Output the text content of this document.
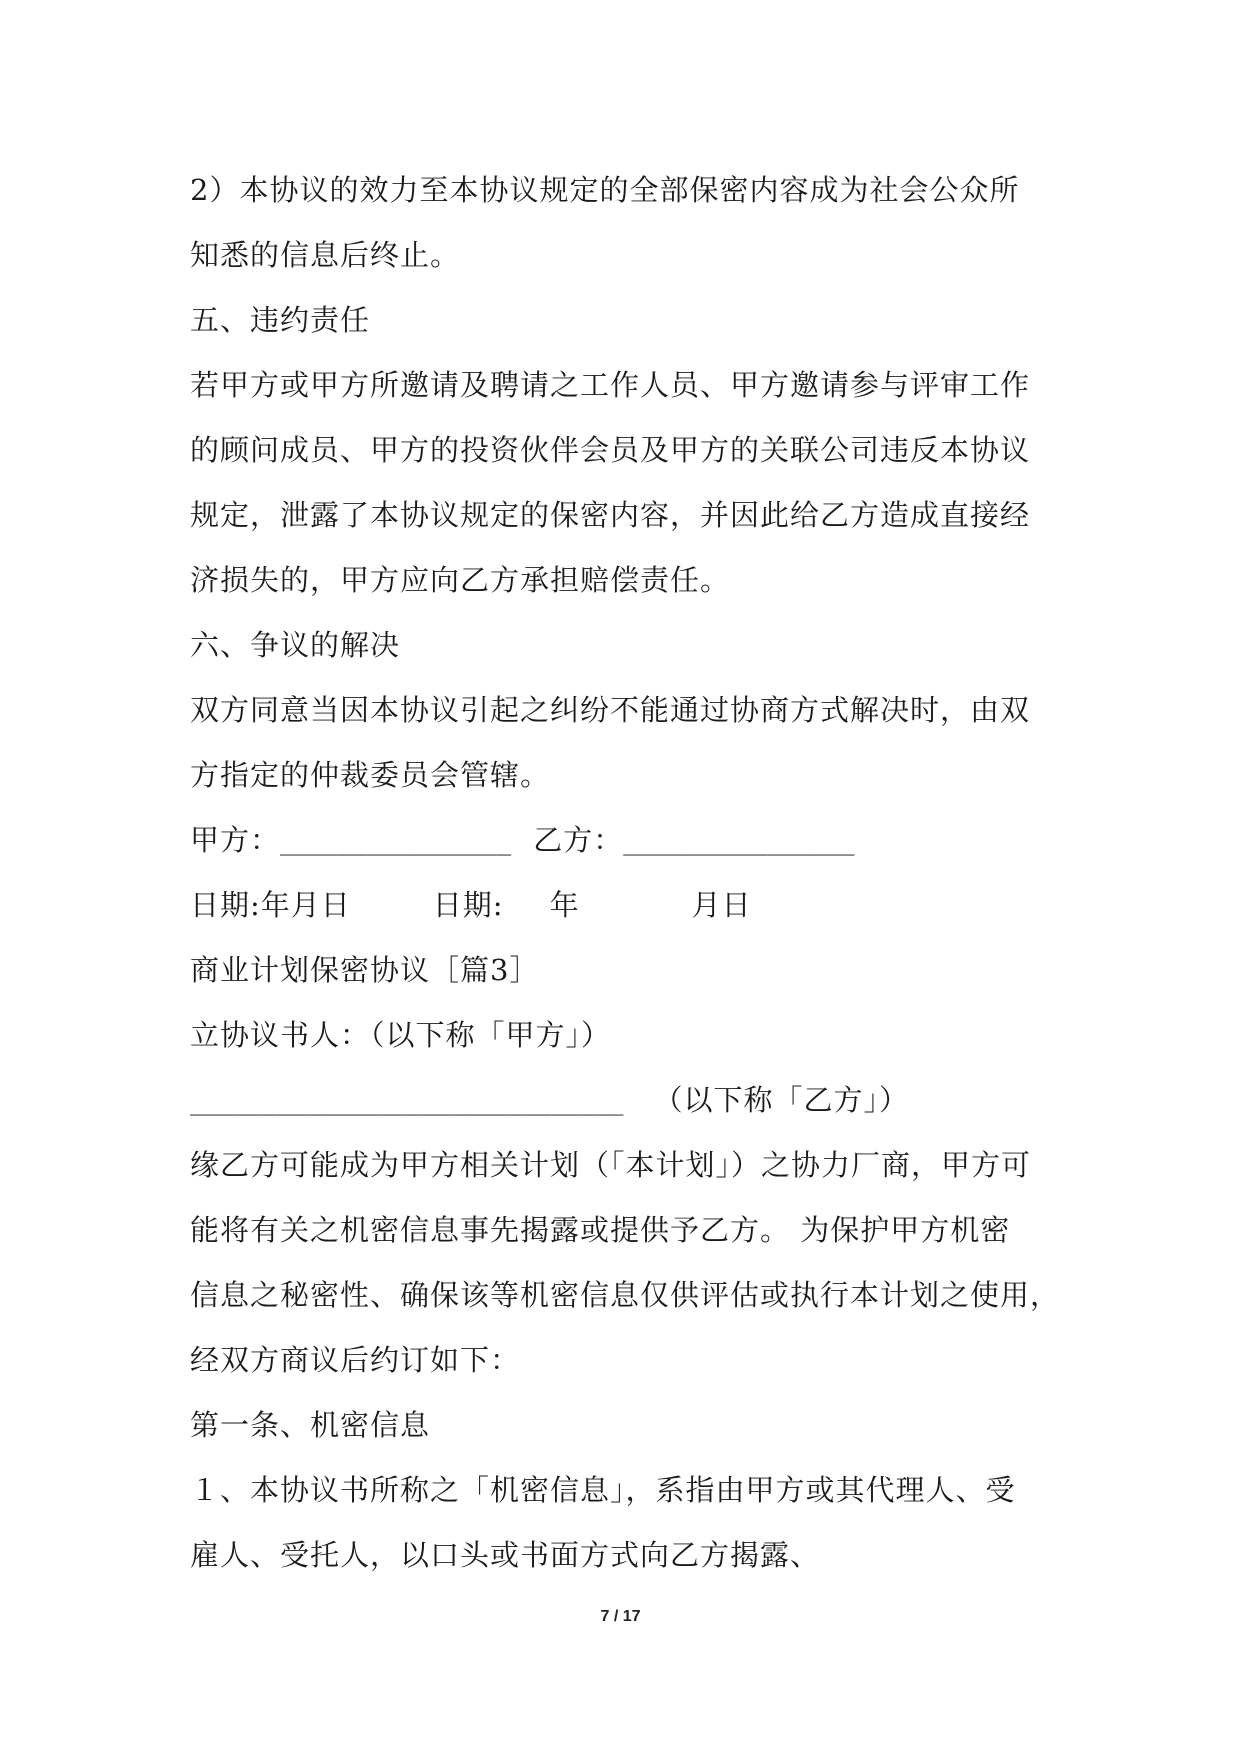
2）本协议的效力至本协议规定的全部保密内容成为社会公众所
知悉的信息后终止。
五、违约责任
若甲方或甲方所邀请及聘请之工作人员、甲方邀请参与评审工作
的顾问成员、甲方的投资伙伴会员及甲方的关联公司违反本协议
规定，泄露了本协议规定的保密内容，并因此给乙方造成直接经
济损失的，甲方应向乙方承担赔偿责任。
六、争议的解决
双方同意当因本协议引起之纠纷不能通过协商方式解决时，由双
方指定的仲裁委员会管辖。
甲方：________________ 乙方：________________
日期:年月日	日期: 年	月日
商业计划保密协议［篇3］
立协议书人：（以下称「甲方」）
______________________________ （以下称「乙方」）
缘乙方可能成为甲方相关计划（「本计划」）之协力厂商，甲方可
能将有关之机密信息事先揭露或提供予乙方。 为保护甲方机密
信息之秘密性、确保该等机密信息仅供评估或执行本计划之使用，
经双方商议后约订如下：
第一条、机密信息
１、本协议书所称之「机密信息」，系指由甲方或其代理人、受
雇人、受托人，以口头或书面方式向乙方揭露、
7 / 17
